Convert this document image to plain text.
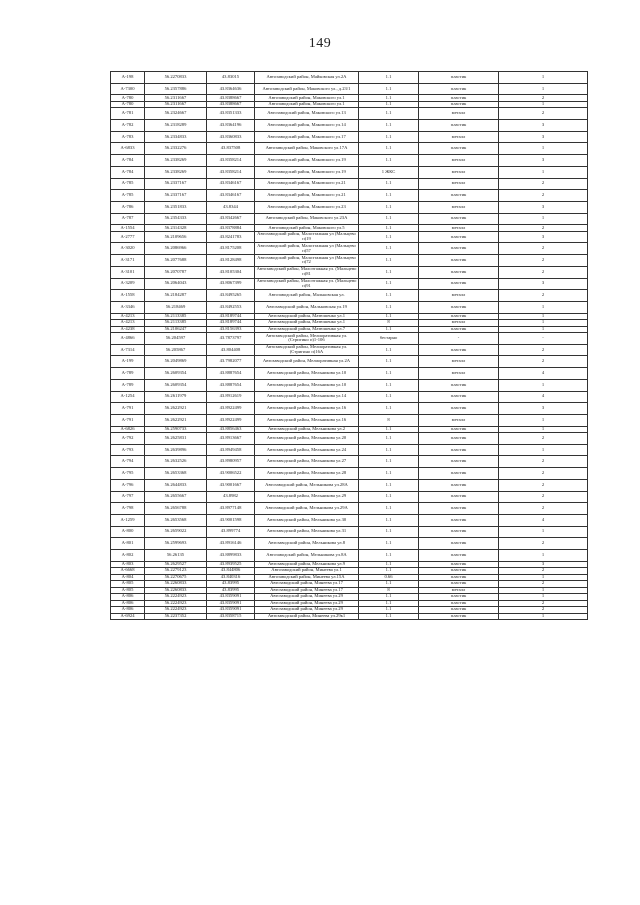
149
А-198	56.2270833	43.83015	Автозаводский район, Майковская ул.2А	1.1	пластик	1
А-7300	56.2357886	43.8364636	Автозаводский район, Маковского ул., д.23/1	1.1	пластик	1
А-780	56.2311667	43.8388667	Автозаводский район, Маковского ул.1	1.1	пластик	2
А-780	56.2311667	43.8388667	Автозаводский район, Маковского ул.1	1.1	пластик	1
А-781	56.2324667	43.8351333	Автозаводский район, Маковского ул.13	1.1	металл	2
А-782	56.2318289	43.8364196	Автозаводский район, Маковского ул.14	1.1	пластик	3
А-783	56.2334833	43.8360833	Автозаводский район, Маковского ул.17	1.1	металл	3
А-6833	56.2332276	43.837508	Автозаводский район, Маковского ул.17А	1.1	пластик	1
А-784	56.2338269	43.8358214	Автозаводский район, Маковского ул.19	1.1	металл	3
А-784	56.2338269	43.8358214	Автозаводский район, Маковского ул.19	1 ЖКС	металл	1
А-785	56.2337167	43.8346167	Автозаводский район, Маковского ул.21	1.1	металл	2
А-785	56.2337167	43.8346167	Автозаводский район, Маковского ул.21	1.1	пластик	2
А-786	56.2351833	43.8344	Автозаводский район, Маковского ул.23	1.1	металл	3
А-787	56.2354333	43.8342667	Автозаводский район, Маковского ул.23А	1.1	пластик	1
А-1554	56.2314328	43.8378884	Автозаводский район, Маковского ул.5	1.1	металл	2
А-2777	56.2109656	43.8241783	Автозаводский район, Малоэтажная ул (Мальцево п)19	1.1	пластик	3
А-3020	56.2086966	43.8175208	Автозаводский район, Малоэтажная ул (Мальцево п)57	1.1	пластик	2
А-3171	56.2077688	43.8128498	Автозаводский район, Малоэтажная ул (Мальцево п)72	1.1	пластик	2
А-3101	56.2070787	43.8105304	Автозаводский район, Малоэтажная ул. (Мальцево п)81	1.1	пластик	2
А-3209	56.2064043	43.8067399	Автозаводский район, Малоэтажная ул. (Мальцево п)91	1.1	пластик	3
А-1558	56.2184287	43.8495265	Автозаводский район, Мальковская ул.	1.1	металл	2
А-3346	56.218469	43.8492553	Автозаводский район, Мальковская ул.19	1.1	пластик	1
А-4213	56.2113385	43.8189744	Автозаводский район, Матюшенко ул.1	1.1	пластик	1
А-4213	56.2113385	43.8189744	Автозаводский район, Матюшенко ул.1	8	металл	1
А-4238	56.2106247	43.8156393	Автозаводский район, Матюшенко ул.7	1.1	пластик	1
А-4866	56.204597	43.7873797	Автозаводский район, Мелиоративная ул. (Стригино п)1-106	бестарно	-	-
А-7314	56.205867	43.804408	Автозаводский район, Мелиоративная ул. (Стригино п)16А	1.1	пластик	2
А-199	56.2049869	43.7982077	Автозаводский район, Мелиоративная ул.2А	1.1	металл	2
А-789	56.2609354	43.8887654	Автозаводский район, Мельникова ул.10	1.1	металл	4
А-789	56.2609354	43.8887654	Автозаводский район, Мельникова ул.10	1.1	пластик	1
А-1254	56.2611979	43.8912619	Автозаводский район, Мельникова ул.14	1.1	пластик	4
А-791	56.2622921	43.8922499	Автозаводский район, Мельникова ул.16	1.1	пластик	3
А-791	56.2622921	43.8922499	Автозаводский район, Мельникова ул.16	8	металл	1
А-6826	56.2590733	43.8856463	Автозаводский район, Мельникова ул.2	1.1	пластик	1
А-792	56.2625831	43.8913667	Автозаводский район, Мельникова ул.20	1.1	пластик	2
А-793	56.2639896	43.8949458	Автозаводский район, Мельникова ул.24	1.1	пластик	1
А-794	56.2632526	43.8980957	Автозаводский район, Мельникова ул.27	1.1	пластик	2
А-795	56.2653368	43.9006522	Автозаводский район, Мельникова ул.28	1.1	пластик	2
А-796	56.2644833	43.9001667	Автозаводский район, Мельникова ул.28А	1.1	пластик	2
А-797	56.2655667	43.8982	Автозаводский район, Мельникова ул.29	1.1	пластик	2
А-798	56.2656788	43.8977148	Автозаводский район, Мельникова ул.29А	1.1	пластик	2
А-1259	56.2653568	43.9001598	Автозаводский район, Мельникова ул.30	1.1	пластик	4
А-800	56.2659022	43.899774	Автозаводский район, Мельникова ул.31	1.1	пластик	1
А-801	56.2599693	43.8916146	Автозаводский район, Мельникова ул.8	1.1	пластик	2
А-802	56.26135	43.8899833	Автозаводский район, Мельникова ул.8А	1.1	пластик	1
А-803	56.2629527	43.8939525	Автозаводский район, Мельникова ул.9	1.1	пластик	3
А-6668	56.2279123	43.844806	Автозаводский район, Минеева ул.1	1.1	пластик	2
А-804	56.2270675	43.840316	Автозаводский район, Минеева ул.15А	0.66	пластик	1
А-805	56.2260833	43.83995	Автозаводский район, Минеева ул.17	1.1	пластик	2
А-805	56.2260833	43.83995	Автозаводский район, Минеева ул.17	8	металл	1
А-806	56.2224923	43.8359091	Автозаводский район, Минеева ул.29	1.1	пластик	1
А-806	56.2224923	43.8359091	Автозаводский район, Минеева ул.29	1.1	пластик	2
А-806	56.2224923	43.8359091	Автозаводский район, Минеева ул.29	1.1	пластик	2
А-6924	56.2237352	43.8358715	Автозаводский район, Минеева ул.29к1	1.1	пластик	1
